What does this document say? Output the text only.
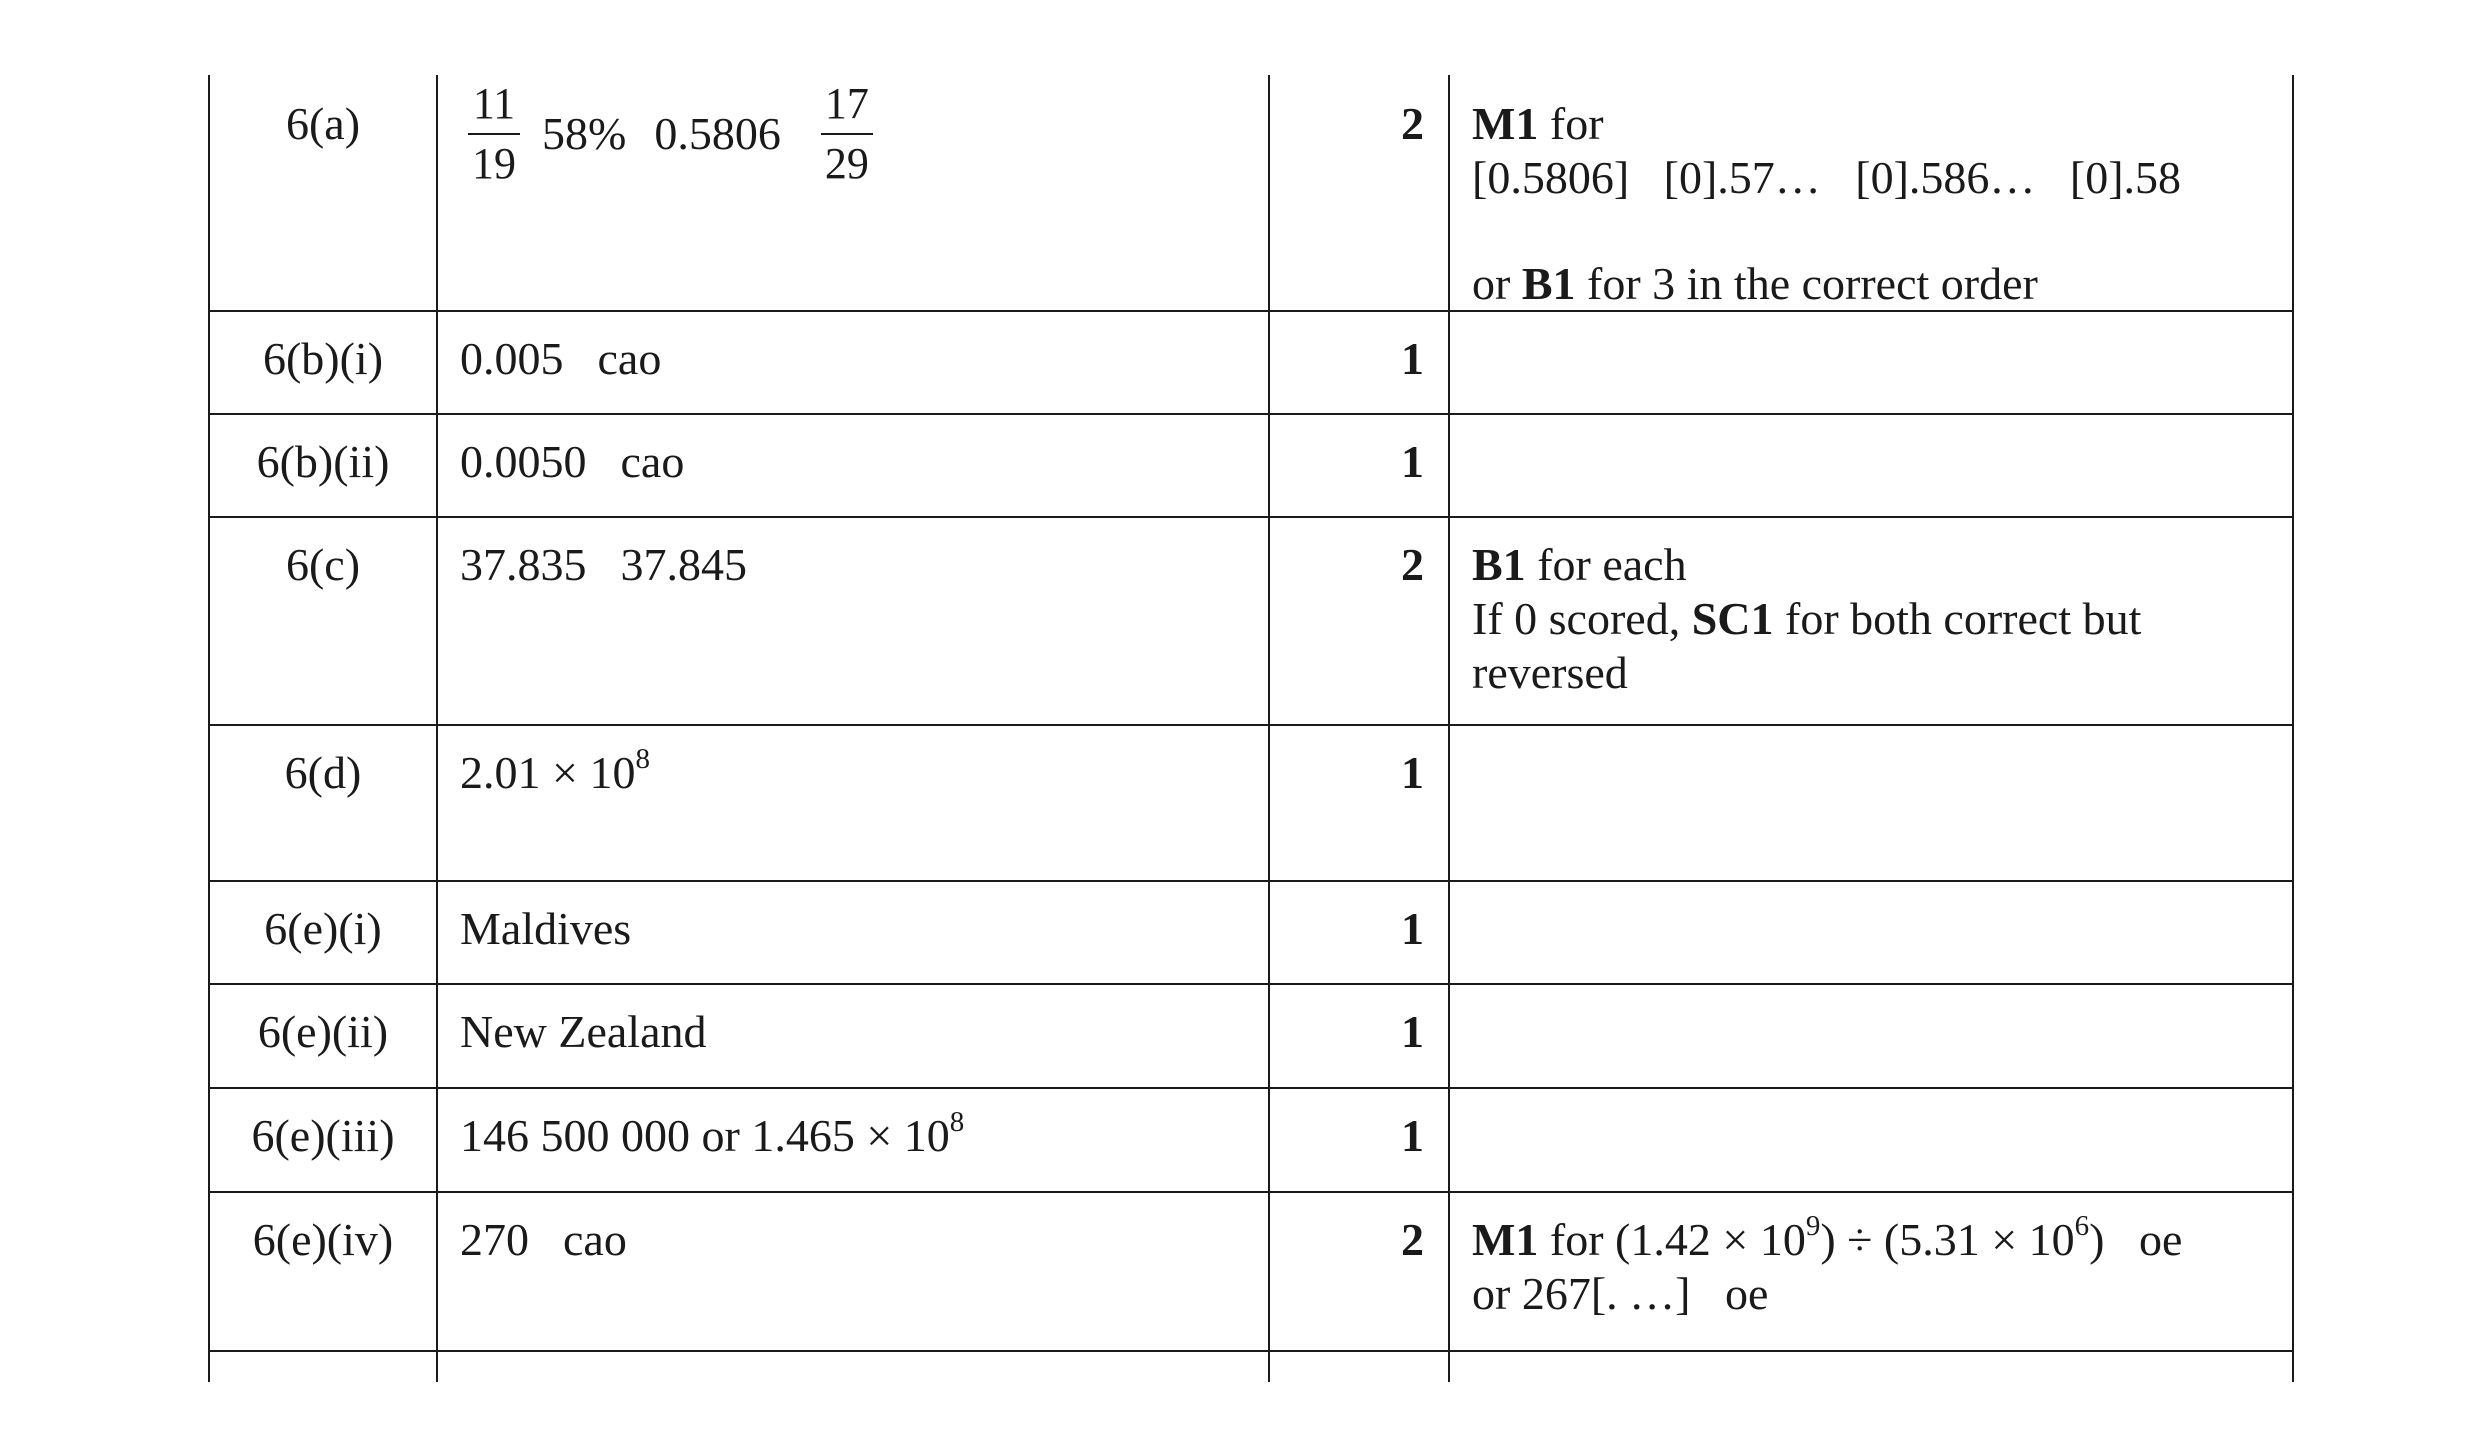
6(a)	$\frac{11}{19} 58\%$ $0.5806 \frac{17}{29}$	2	M1 for
[0.5806]   [0].57…   [0].586…   [0].58
or B1 for 3 in the correct order
6(b)(i)	0.005 cao	1
6(b)(ii)	0.0050 cao	1
6(c)	37.835 37.845	2	B1 for each
If 0 scored, SC1 for both correct but
reversed
6(d)	$2.01 \times 10^8$	1
6(e)(i)	Maldives	1
6(e)(ii)	New Zealand	1
6(e)(iii)	146 500 000 or $1.465 \times 10^8$	1
6(e)(iv)	270 cao	2	M1 for $(1.42 \times 10^9) \div (5.31 \times 10^6)$   oe
or 267[. …]   oe
